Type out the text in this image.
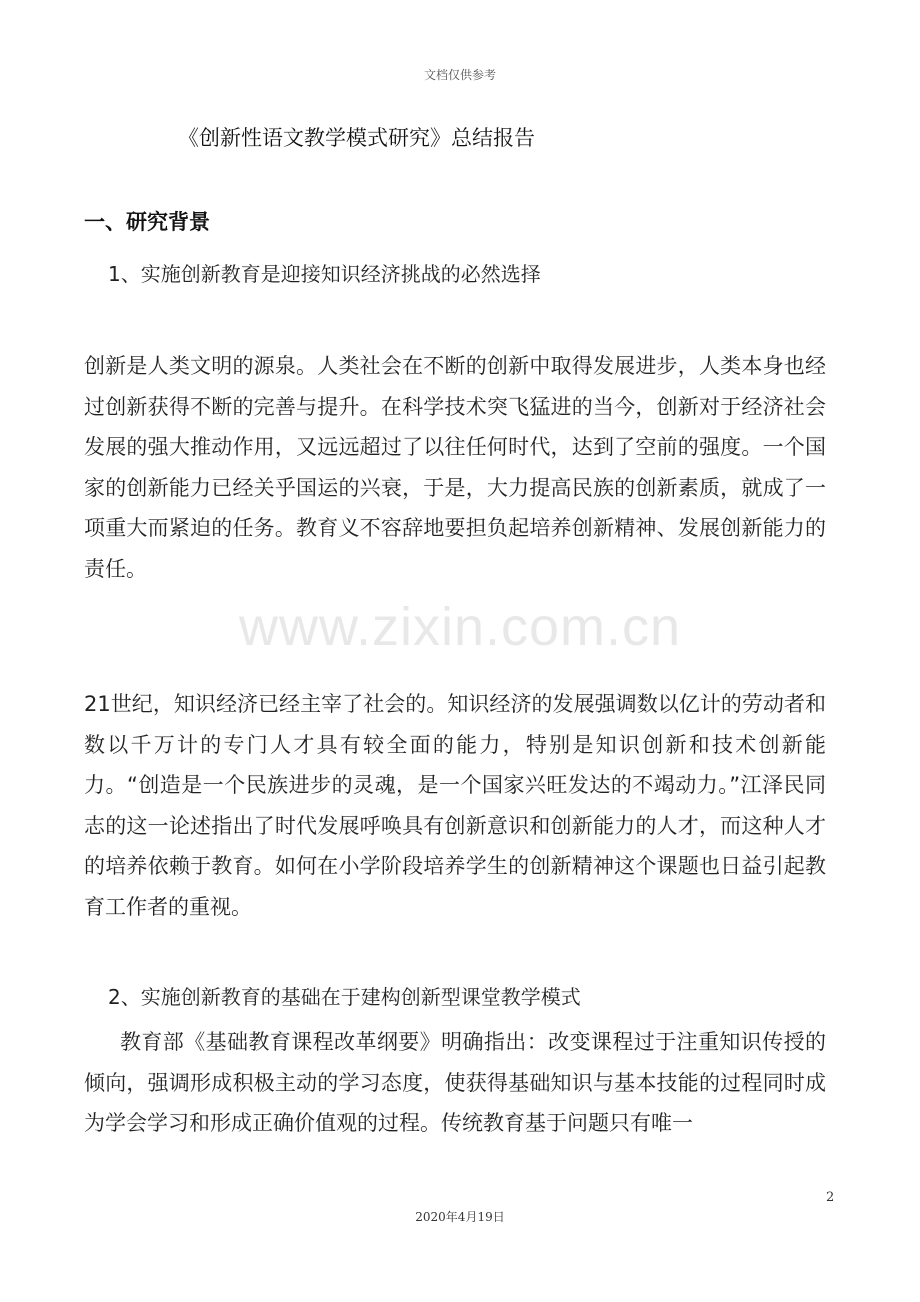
文档仅供参考
《创新性语文教学模式研究》总结报告
一、研究背景
1、实施创新教育是迎接知识经济挑战的必然选择

创新是人类文明的源泉。人类社会在不断的创新中取得发展进步，人类本身也经过创新获得不断的完善与提升。在科学技术突飞猛进的当今，创新对于经济社会发展的强大推动作用，又远远超过了以往任何时代，达到了空前的强度。一个国家的创新能力已经关乎国运的兴衰，于是，大力提高民族的创新素质，就成了一项重大而紧迫的任务。教育义不容辞地要担负起培养创新精神、发展创新能力的责任。

www.zixin.com.cn

21世纪，知识经济已经主宰了社会的。知识经济的发展强调数以亿计的劳动者和数以千万计的专门人才具有较全面的能力，特别是知识创新和技术创新能力。“创造是一个民族进步的灵魂，是一个国家兴旺发达的不竭动力。”江泽民同志的这一论述指出了时代发展呼唤具有创新意识和创新能力的人才，而这种人才的培养依赖于教育。如何在小学阶段培养学生的创新精神这个课题也日益引起教育工作者的重视。

2、实施创新教育的基础在于建构创新型课堂教学模式

教育部《基础教育课程改革纲要》明确指出：改变课程过于注重知识传授的倾向，强调形成积极主动的学习态度，使获得基础知识与基本技能的过程同时成为学会学习和形成正确价值观的过程。传统教育基于问题只有唯一

2
2020年4月19日
